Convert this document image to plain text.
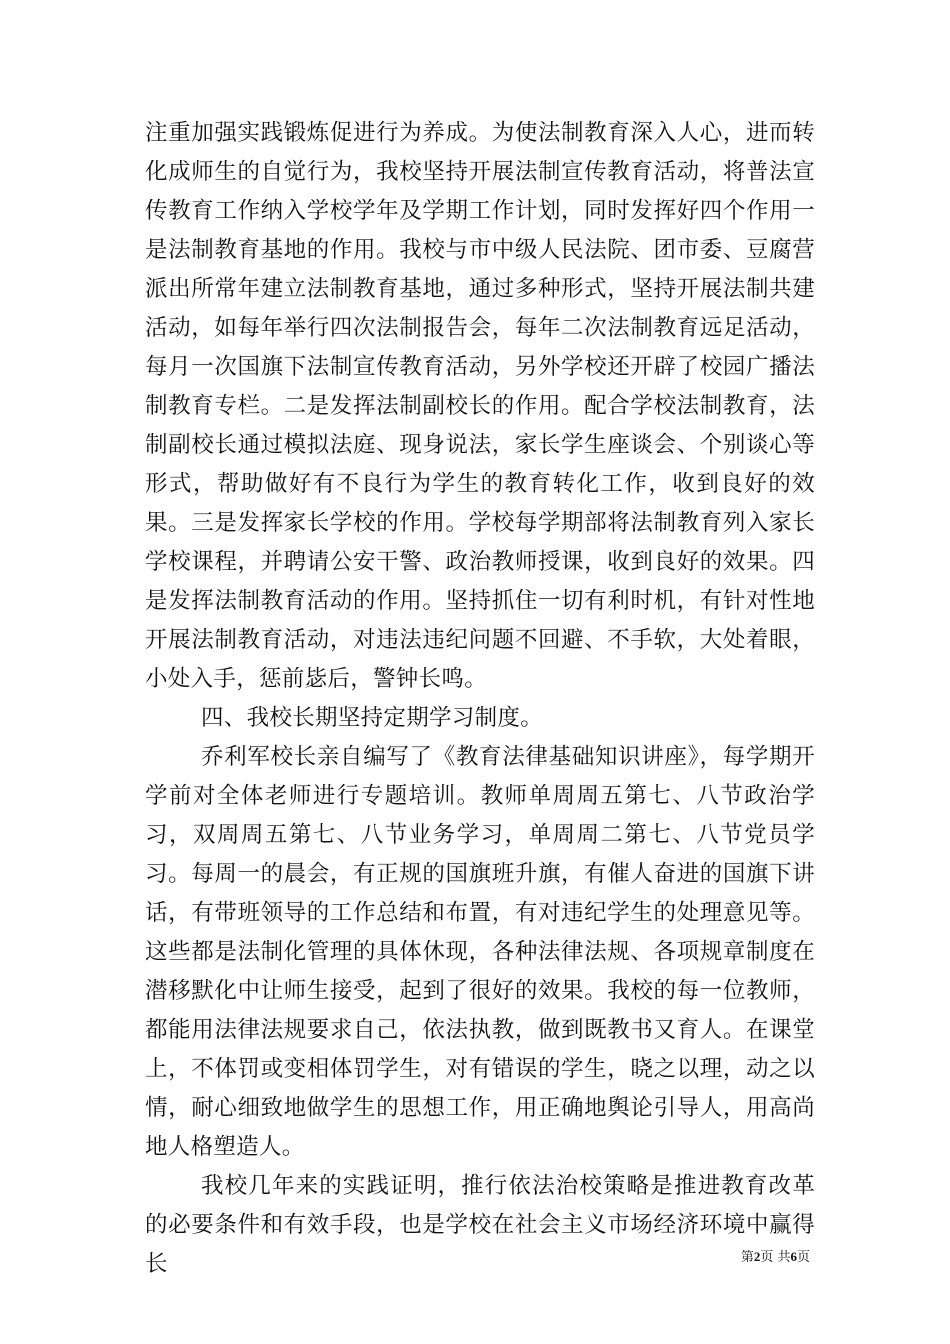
注重加强实践锻炼促进行为养成。为使法制教育深入人心，进而转化成师生的自觉行为，我校坚持开展法制宣传教育活动，将普法宣传教育工作纳入学校学年及学期工作计划，同时发挥好四个作用一是法制教育基地的作用。我校与市中级人民法院、团市委、豆腐营派出所常年建立法制教育基地，通过多种形式，坚持开展法制共建活动，如每年举行四次法制报告会，每年二次法制教育远足活动，每月一次国旗下法制宣传教育活动，另外学校还开辟了校园广播法制教育专栏。二是发挥法制副校长的作用。配合学校法制教育，法制副校长通过模拟法庭、现身说法，家长学生座谈会、个别谈心等形式，帮助做好有不良行为学生的教育转化工作，收到良好的效果。三是发挥家长学校的作用。学校每学期部将法制教育列入家长学校课程，并聘请公安干警、政治教师授课，收到良好的效果。四是发挥法制教育活动的作用。坚持抓住一切有利时机，有针对性地开展法制教育活动，对违法违纪问题不回避、不手软，大处着眼，小处入手，惩前毖后，警钟长鸣。

四、我校长期坚持定期学习制度。

乔利军校长亲自编写了《教育法律基础知识讲座》，每学期开学前对全体老师进行专题培训。教师单周周五第七、八节政治学习，双周周五第七、八节业务学习，单周周二第七、八节党员学习。每周一的晨会，有正规的国旗班升旗，有催人奋进的国旗下讲话，有带班领导的工作总结和布置，有对违纪学生的处理意见等。这些都是法制化管理的具体休现，各种法律法规、各项规章制度在潜移默化中让师生接受，起到了很好的效果。我校的每一位教师，都能用法律法规要求自己，依法执教，做到既教书又育人。在课堂上，不体罚或变相体罚学生，对有错误的学生，晓之以理，动之以情，耐心细致地做学生的思想工作，用正确地舆论引导人，用高尚地人格塑造人。

我校几年来的实践证明，推行依法治校策略是推进教育改革的必要条件和有效手段，也是学校在社会主义市场经济环境中赢得长	第2页 共6页
